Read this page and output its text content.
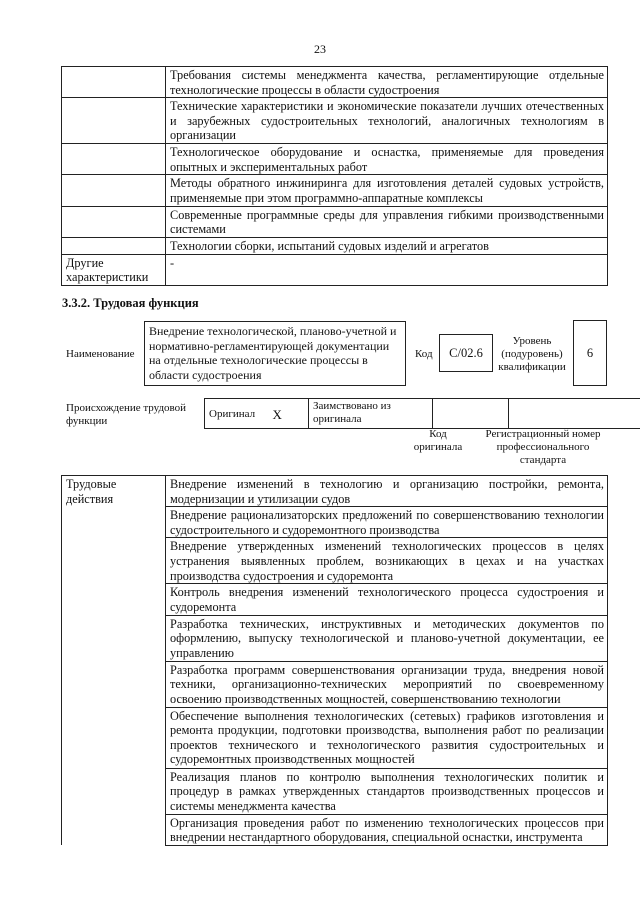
23
	Требования системы менеджмента качества, регламентирующие отдельные технологические процессы в области судостроения
	Технические характеристики и экономические показатели лучших отечественных и зарубежных судостроительных технологий, аналогичных технологиям в организации
	Технологическое оборудование и оснастка, применяемые для проведения опытных и экспериментальных работ
	Методы обратного инжиниринга для изготовления деталей судовых устройств, применяемые при этом программно-аппаратные комплексы
	Современные программные среды для управления гибкими производственными системами
	Технологии сборки, испытаний судовых изделий и агрегатов
Другие характеристики	-
3.3.2. Трудовая функция
Наименование
Внедрение технологической, планово-учетной и нормативно-регламентирующей документации на отдельные технологические процессы в области судостроения
Код	C/02.6
Уровень (подуровень) квалификации
6
Происхождение трудовой функции
Оригинал	X	Заимствовано из оригинала		
Код оригинала
Регистрационный номер профессионального стандарта
Трудовые действия	Внедрение изменений в технологию и организацию постройки, ремонта, модернизации и утилизации судов
Внедрение рационализаторских предложений по совершенствованию технологии судостроительного и судоремонтного производства
Внедрение утвержденных изменений технологических процессов в целях устранения выявленных проблем, возникающих в цехах и на участках производства судостроения и судоремонта
Контроль внедрения изменений технологического процесса судостроения и судоремонта
Разработка технических, инструктивных и методических документов по оформлению, выпуску технологической и планово-учетной документации, ее управлению
Разработка программ совершенствования организации труда, внедрения новой техники, организационно-технических мероприятий по своевременному освоению производственных мощностей, совершенствованию технологии
Обеспечение выполнения технологических (сетевых) графиков изготовления и ремонта продукции, подготовки производства, выполнения работ по реализации проектов технического и технологического развития судостроительных и судоремонтных производственных мощностей
Реализация планов по контролю выполнения технологических политик и процедур в рамках утвержденных стандартов производственных процессов и системы менеджмента качества
Организация проведения работ по изменению технологических процессов при внедрении нестандартного оборудования, специальной оснастки, инструмента
